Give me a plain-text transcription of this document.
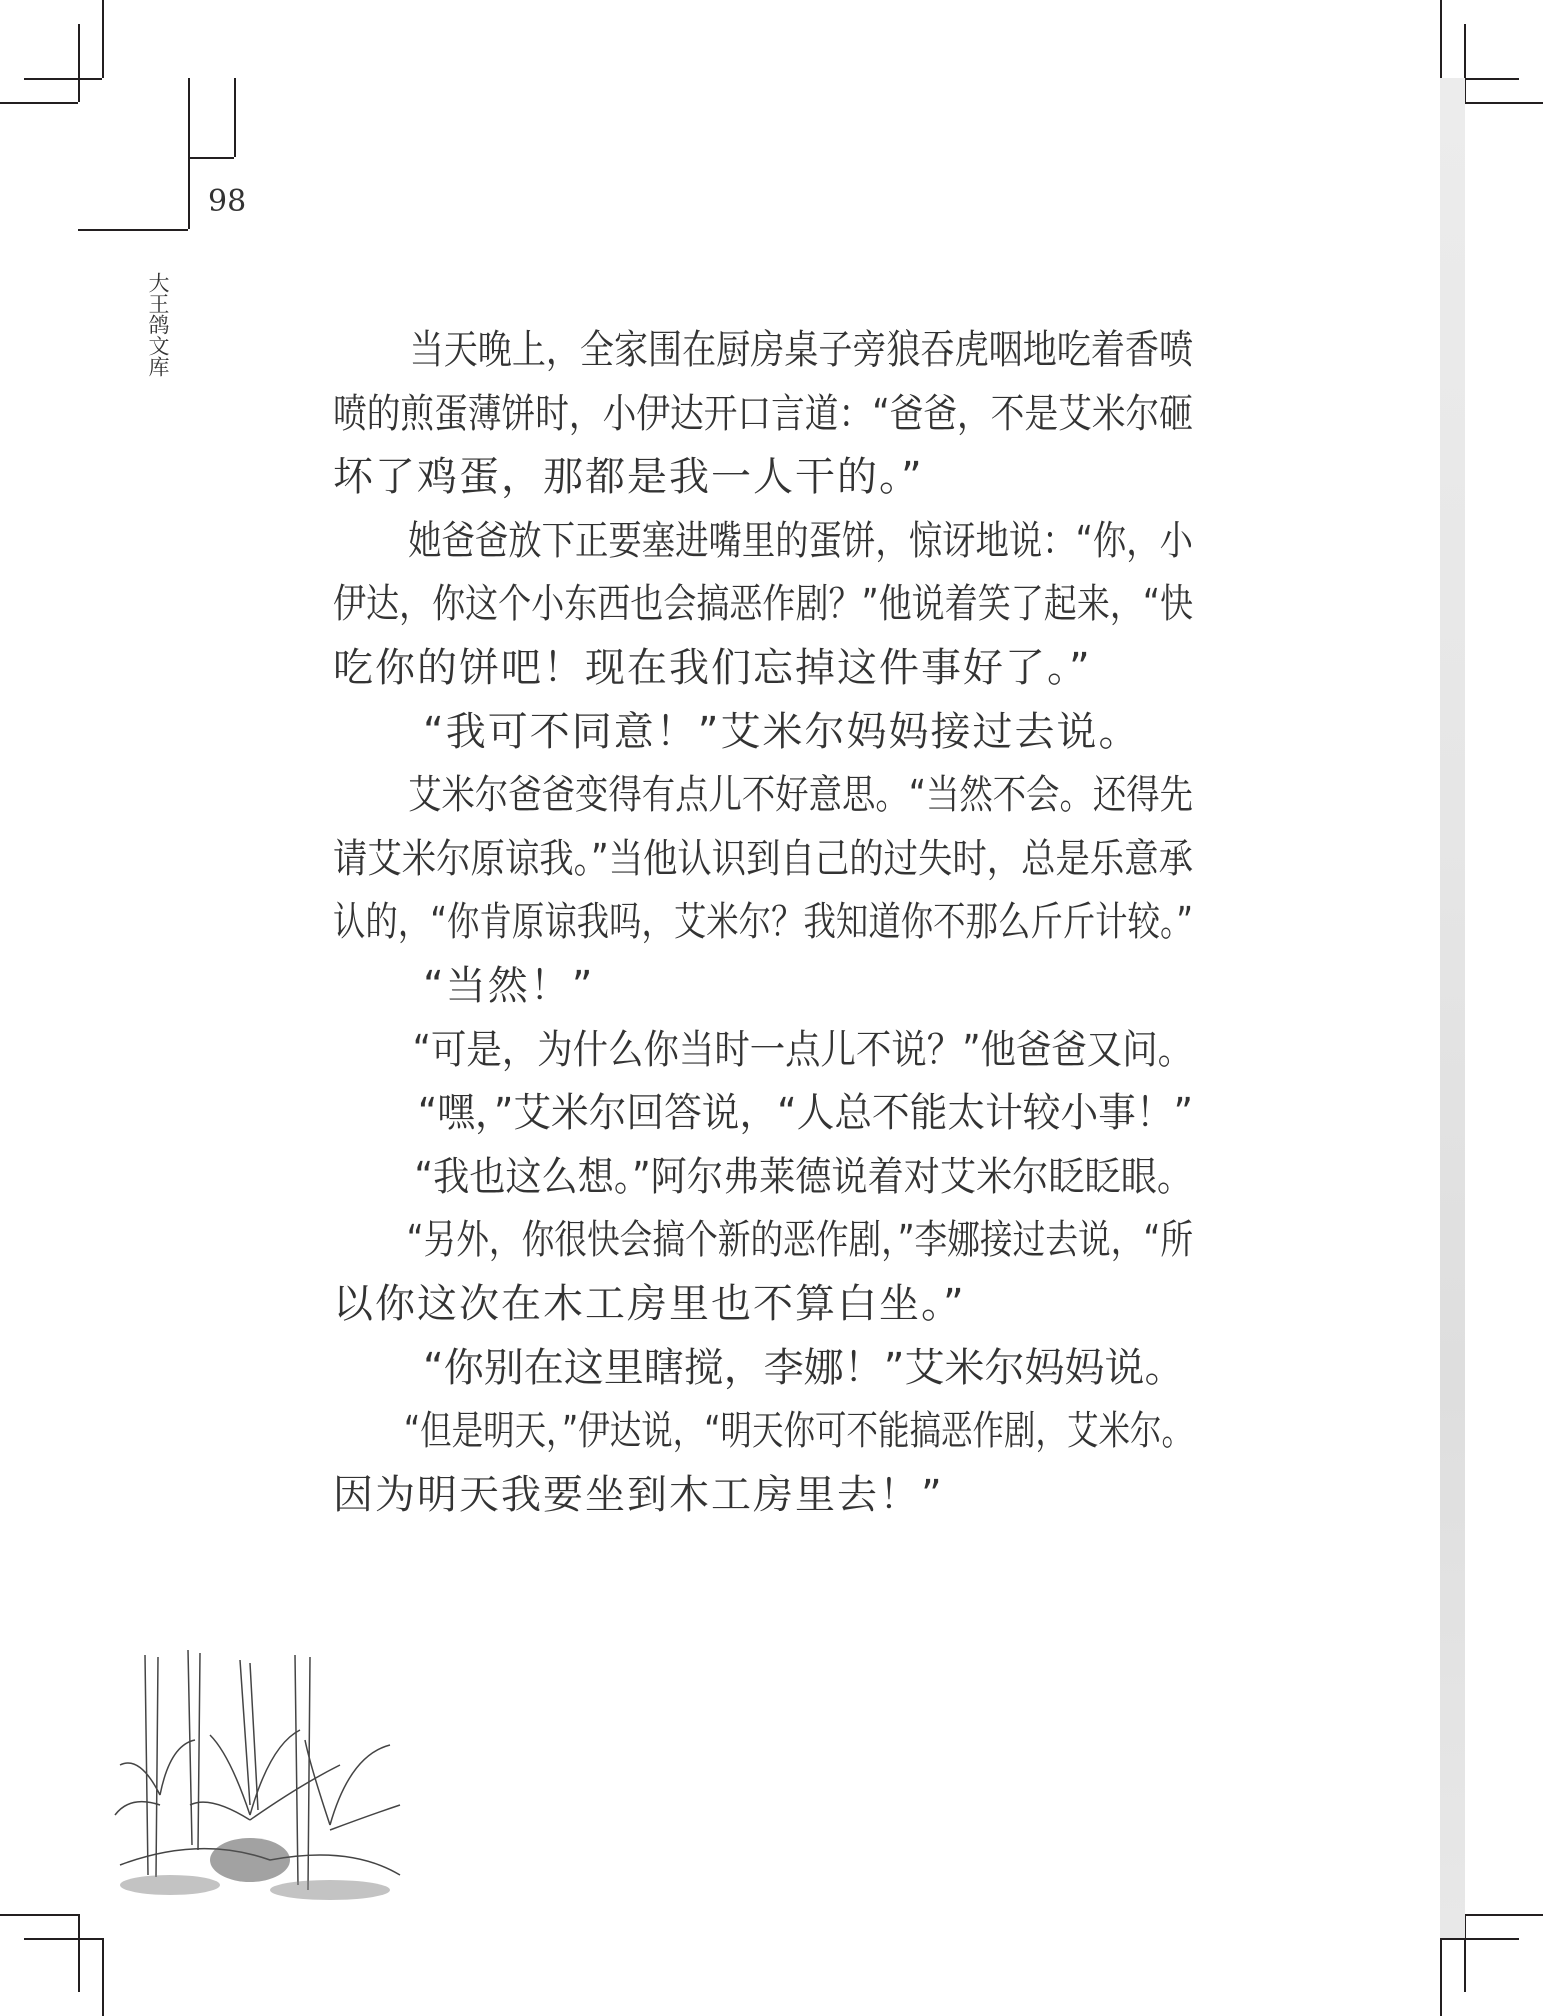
98
大王鸽文库	当天晚上，全家围在厨房桌子旁狼吞虎咽地吃着香喷
喷的煎蛋薄饼时，小伊达开口言道：“爸爸，不是艾米尔砸
坏了鸡蛋，那都是我一人干的。”
她爸爸放下正要塞进嘴里的蛋饼，惊讶地说：“你，小
伊达，你这个小东西也会搞恶作剧？”他说着笑了起来，“快
吃你的饼吧！现在我们忘掉这件事好了。”
“我可不同意！”艾米尔妈妈接过去说。
艾米尔爸爸变得有点儿不好意思。“当然不会。还得先
请艾米尔原谅我。”当他认识到自己的过失时，总是乐意承
认的，“你肯原谅我吗，艾米尔？我知道你不那么斤斤计较。”
“当然！”
“可是，为什么你当时一点儿不说？”他爸爸又问。
“嘿，”艾米尔回答说，“人总不能太计较小事！”
“我也这么想。”阿尔弗莱德说着对艾米尔眨眨眼。
“另外，你很快会搞个新的恶作剧，”李娜接过去说，“所
以你这次在木工房里也不算白坐。”
“你别在这里瞎搅，李娜！”艾米尔妈妈说。
“但是明天，”伊达说，“明天你可不能搞恶作剧，艾米尔。
因为明天我要坐到木工房里去！”
